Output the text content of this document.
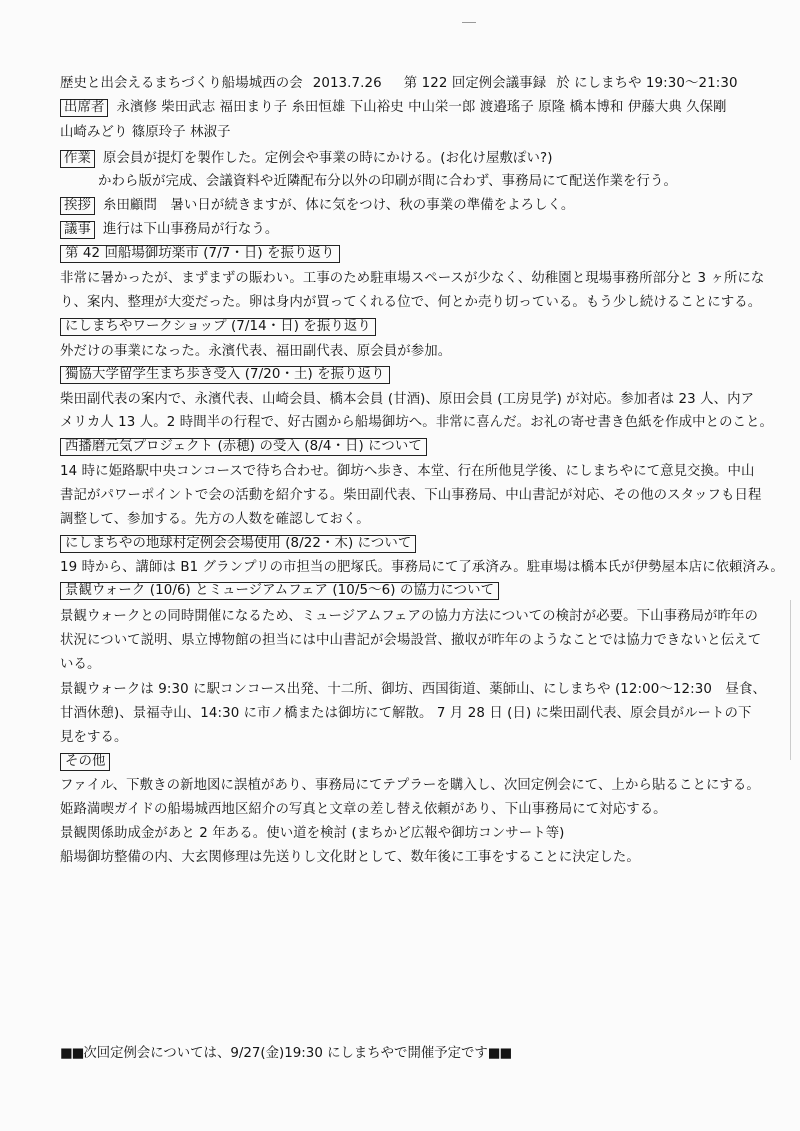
歴史と出会えるまちづくり船場城西の会 2013.7.26 第 122 回定例会議事録 於 にしまちや 19:30～21:30
出席者 永濱修 柴田武志 福田まり子 糸田恒雄 下山裕史 中山栄一郎 渡邉瑤子 原隆 橋本博和 伊藤大典 久保剛
山崎みどり 篠原玲子 林淑子
作業 原会員が提灯を製作した。定例会や事業の時にかける。(お化け屋敷ぽい?)
かわら版が完成、会議資料や近隣配布分以外の印刷が間に合わず、事務局にて配送作業を行う。
挨拶 糸田顧問　暑い日が続きますが、体に気をつけ、秋の事業の準備をよろしく。
議事 進行は下山事務局が行なう。
第 42 回船場御坊楽市 (7/7・日) を振り返り
非常に暑かったが、まずまずの賑わい。工事のため駐車場スペースが少なく、幼稚園と現場事務所部分と 3 ヶ所にな
り、案内、整理が大変だった。卵は身内が買ってくれる位で、何とか売り切っている。もう少し続けることにする。
にしまちやワークショップ (7/14・日) を振り返り
外だけの事業になった。永濱代表、福田副代表、原会員が参加。
獨協大学留学生まち歩き受入 (7/20・土) を振り返り
柴田副代表の案内で、永濱代表、山崎会員、橋本会員 (甘酒)、原田会員 (工房見学) が対応。参加者は 23 人、内ア
メリカ人 13 人。2 時間半の行程で、好古園から船場御坊へ。非常に喜んだ。お礼の寄せ書き色紙を作成中とのこと。
西播磨元気プロジェクト (赤穂) の受入 (8/4・日) について
14 時に姫路駅中央コンコースで待ち合わせ。御坊へ歩き、本堂、行在所他見学後、にしまちやにて意見交換。中山
書記がパワーポイントで会の活動を紹介する。柴田副代表、下山事務局、中山書記が対応、その他のスタッフも日程
調整して、参加する。先方の人数を確認しておく。
にしまちやの地球村定例会会場使用 (8/22・木) について
19 時から、講師は B1 グランプリの市担当の肥塚氏。事務局にて了承済み。駐車場は橋本氏が伊勢屋本店に依頼済み。
景観ウォーク (10/6) とミュージアムフェア (10/5～6) の協力について
景観ウォークとの同時開催になるため、ミュージアムフェアの協力方法についての検討が必要。下山事務局が昨年の
状況について説明、県立博物館の担当には中山書記が会場設営、撤収が昨年のようなことでは協力できないと伝えて
いる。
景観ウォークは 9:30 に駅コンコース出発、十二所、御坊、西国街道、薬師山、にしまちや (12:00～12:30　昼食、
甘酒休憩)、景福寺山、14:30 に市ノ橋または御坊にて解散。 7 月 28 日 (日) に柴田副代表、原会員がルートの下
見をする。
その他
ファイル、下敷きの新地図に誤植があり、事務局にてテプラーを購入し、次回定例会にて、上から貼ることにする。
姫路満喫ガイドの船場城西地区紹介の写真と文章の差し替え依頼があり、下山事務局にて対応する。
景観関係助成金があと 2 年ある。使い道を検討 (まちかど広報や御坊コンサート等)
船場御坊整備の内、大玄関修理は先送りし文化財として、数年後に工事をすることに決定した。
■■次回定例会については、9/27(金)19:30 にしまちやで開催予定です■■
